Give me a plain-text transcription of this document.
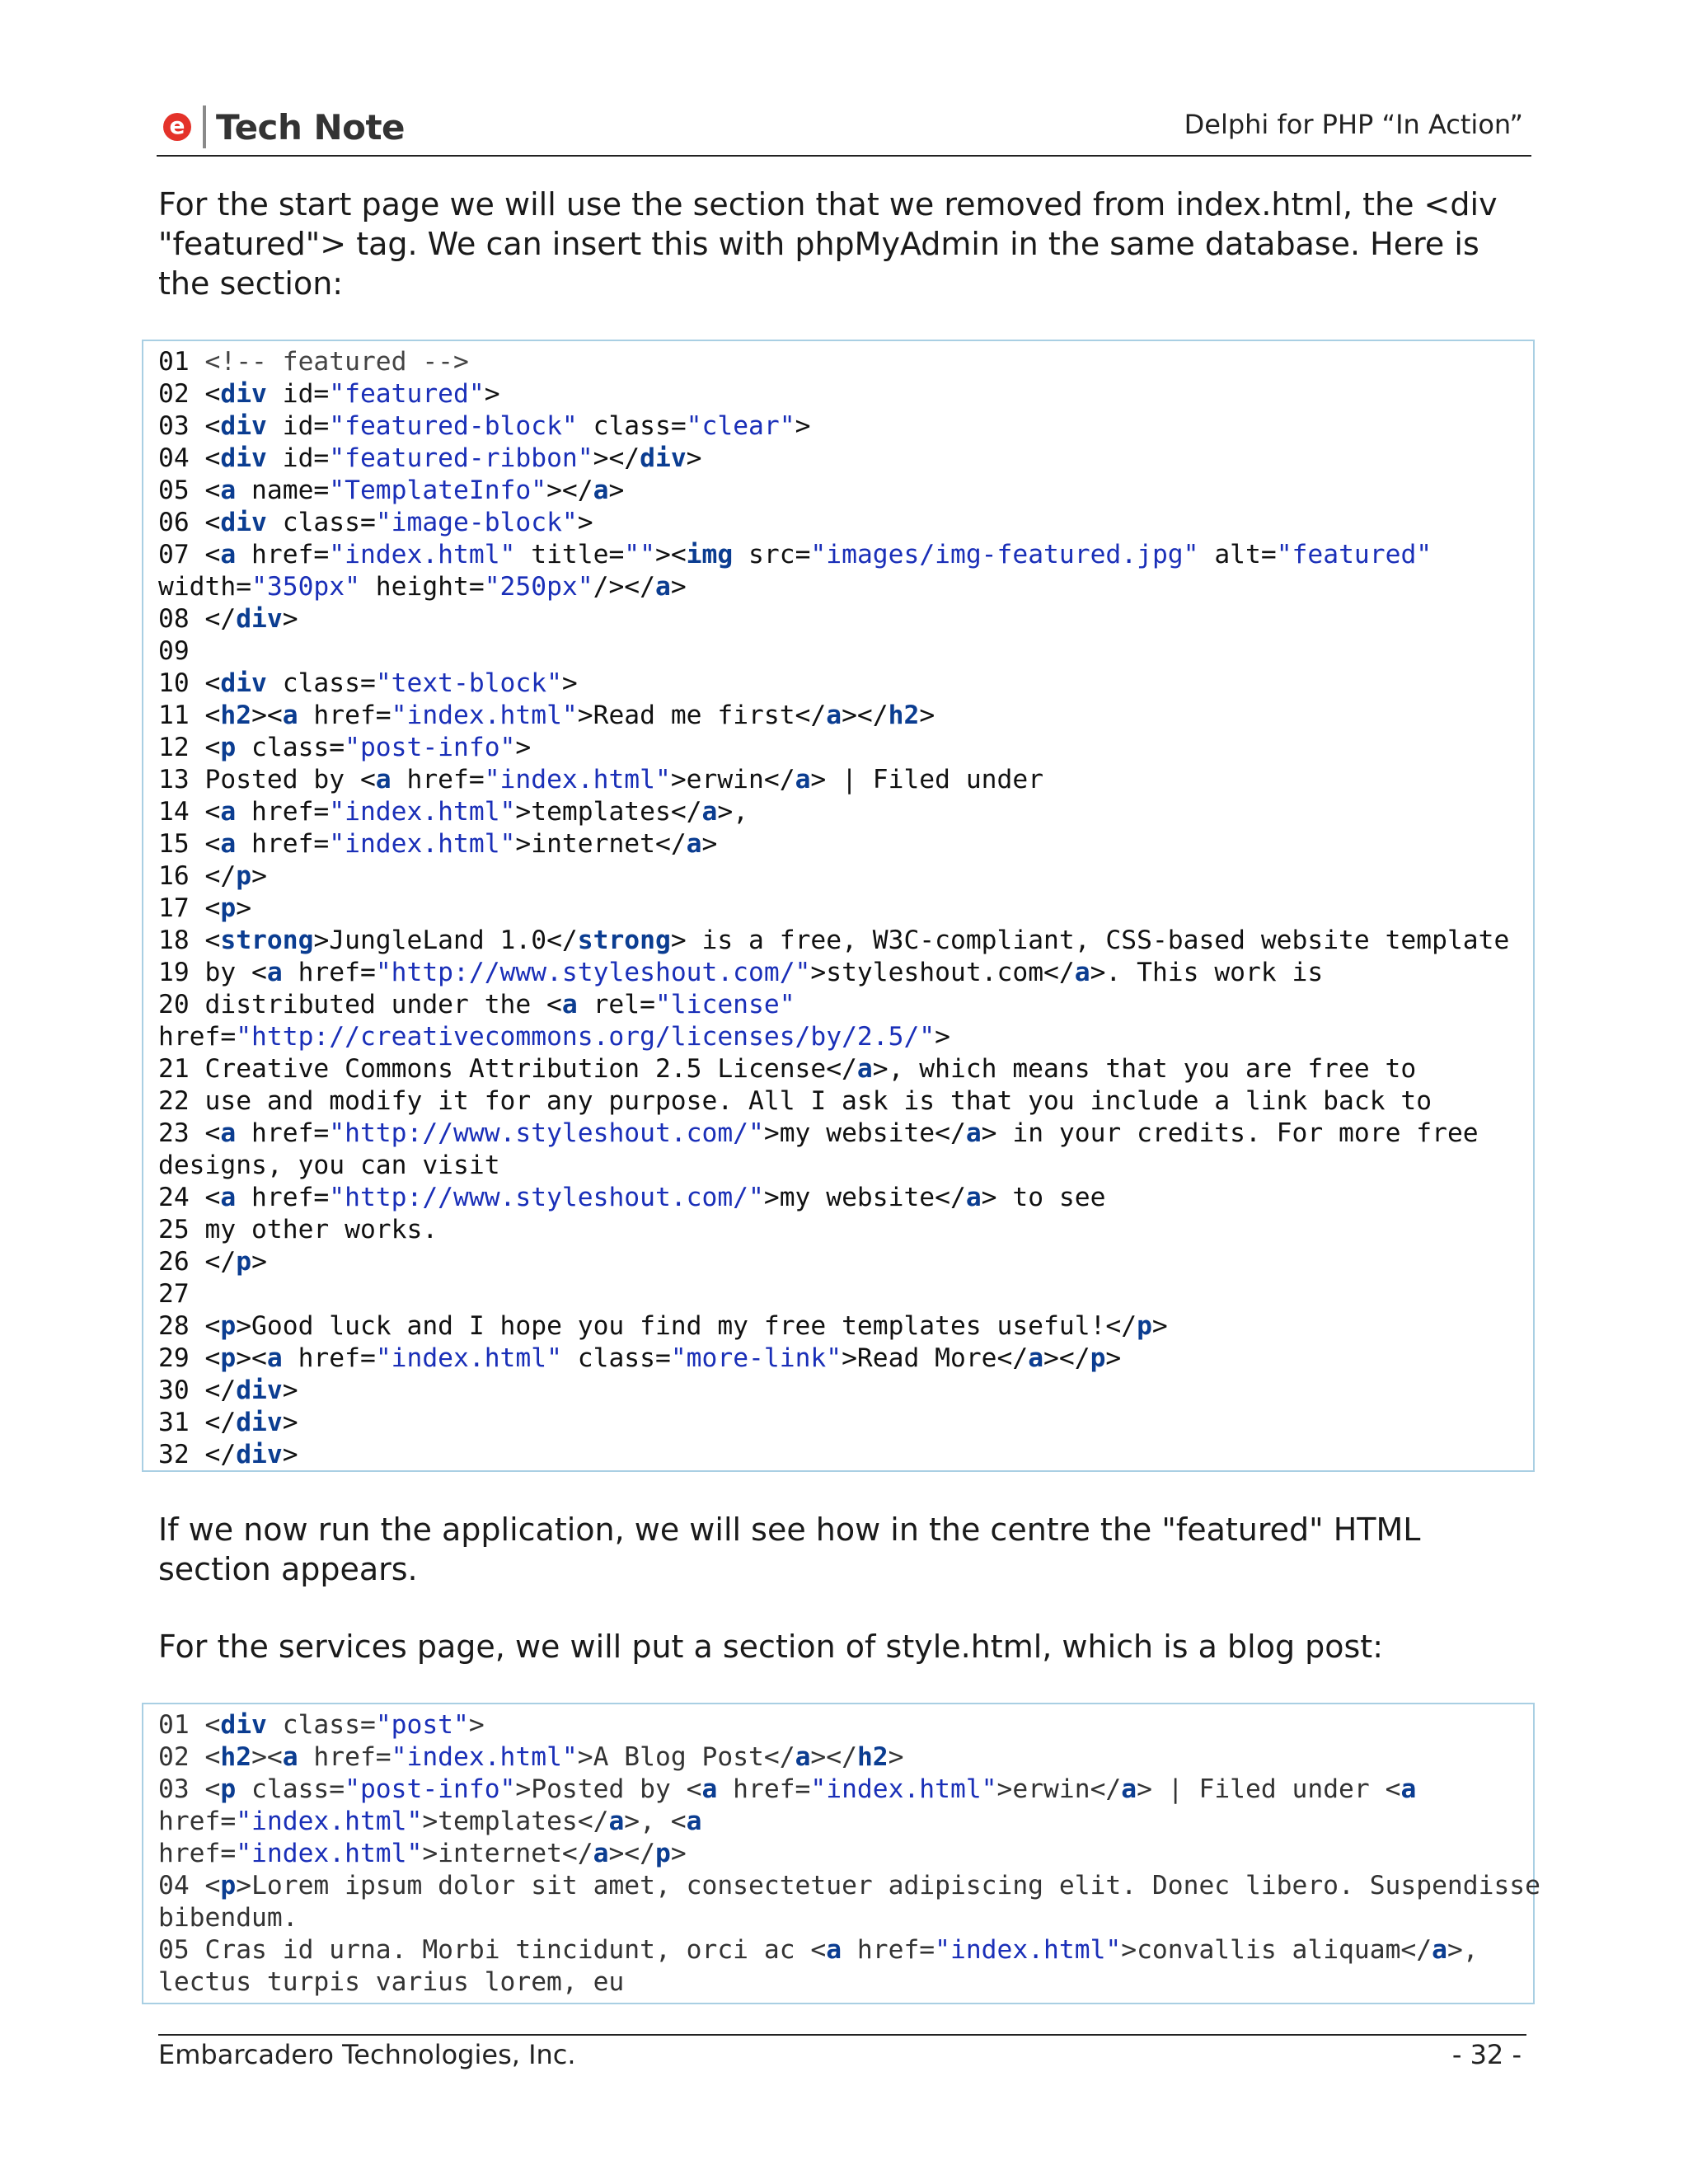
e Tech Note	Delphi for PHP “In Action”

For the start page we will use the section that we removed from index.html, the <div "featured"> tag. We can insert this with phpMyAdmin in the same database. Here is the section:

01 <!-- featured -->
02 <div id="featured">
03 <div id="featured-block" class="clear">
04 <div id="featured-ribbon"></div>
05 <a name="TemplateInfo"></a>
06 <div class="image-block">
07 <a href="index.html" title=""><img src="images/img-featured.jpg" alt="featured"
width="350px" height="250px"/></a>
08 </div>
09
10 <div class="text-block">
11 <h2><a href="index.html">Read me first</a></h2>
12 <p class="post-info">
13 Posted by <a href="index.html">erwin</a> | Filed under
14 <a href="index.html">templates</a>,
15 <a href="index.html">internet</a>
16 </p>
17 <p>
18 <strong>JungleLand 1.0</strong> is a free, W3C-compliant, CSS-based website template
19 by <a href="http://www.styleshout.com/">styleshout.com</a>. This work is
20 distributed under the <a rel="license"
href="http://creativecommons.org/licenses/by/2.5/">
21 Creative Commons Attribution 2.5 License</a>, which means that you are free to
22 use and modify it for any purpose. All I ask is that you include a link back to
23 <a href="http://www.styleshout.com/">my website</a> in your credits. For more free
designs, you can visit
24 <a href="http://www.styleshout.com/">my website</a> to see
25 my other works.
26 </p>
27
28 <p>Good luck and I hope you find my free templates useful!</p>
29 <p><a href="index.html" class="more-link">Read More</a></p>
30 </div>
31 </div>
32 </div>

If we now run the application, we will see how in the centre the "featured" HTML section appears.

For the services page, we will put a section of style.html, which is a blog post:

01 <div class="post">
02 <h2><a href="index.html">A Blog Post</a></h2>
03 <p class="post-info">Posted by <a href="index.html">erwin</a> | Filed under <a
href="index.html">templates</a>, <a
href="index.html">internet</a></p>
04 <p>Lorem ipsum dolor sit amet, consectetuer adipiscing elit. Donec libero. Suspendisse
bibendum.
05 Cras id urna. Morbi tincidunt, orci ac <a href="index.html">convallis aliquam</a>,
lectus turpis varius lorem, eu
Embarcadero Technologies, Inc.	- 32 -
